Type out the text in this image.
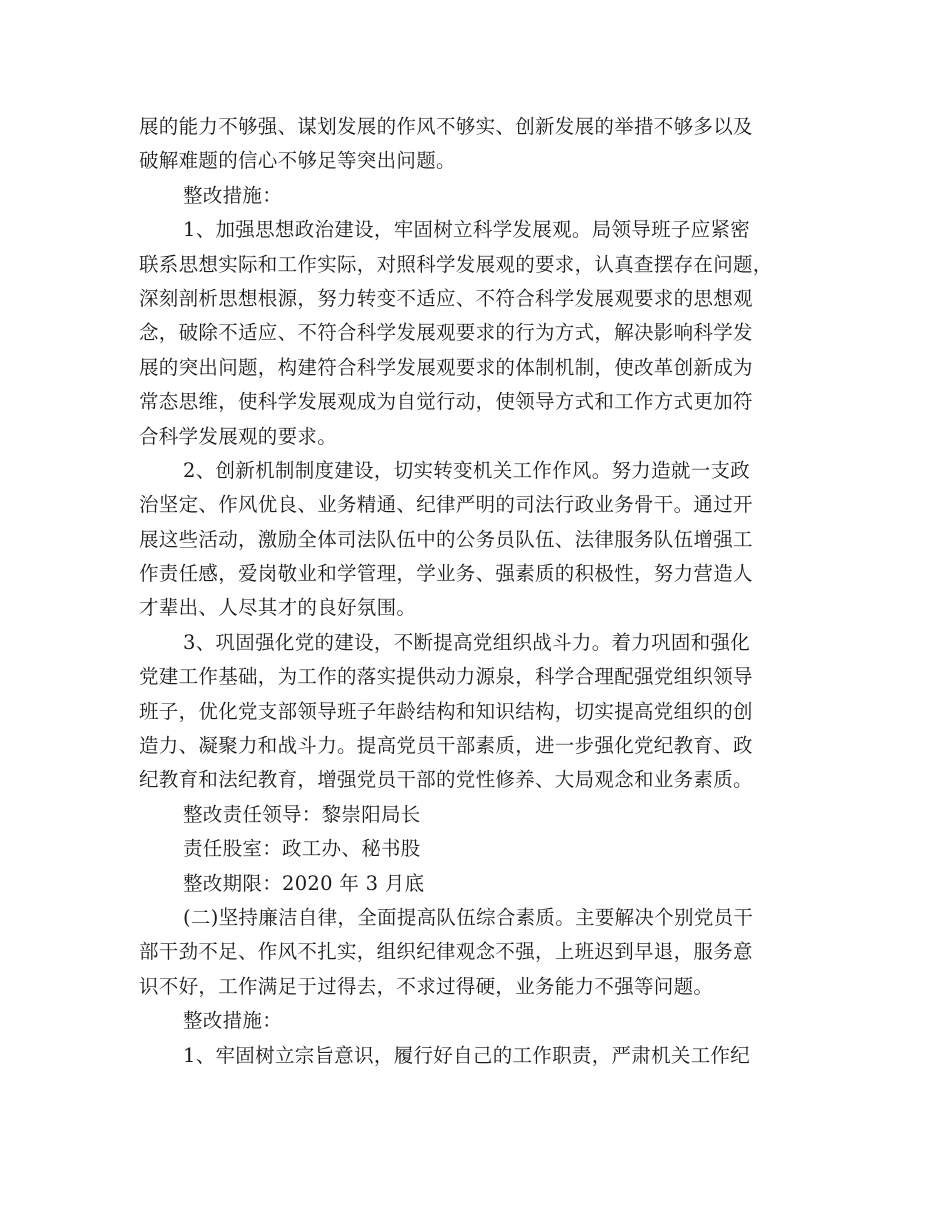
展的能力不够强、谋划发展的作风不够实、创新发展的举措不够多以及
破解难题的信心不够足等突出问题。
整改措施：
1、加强思想政治建设，牢固树立科学发展观。局领导班子应紧密
联系思想实际和工作实际，对照科学发展观的要求，认真查摆存在问题，
深刻剖析思想根源，努力转变不适应、不符合科学发展观要求的思想观
念，破除不适应、不符合科学发展观要求的行为方式，解决影响科学发
展的突出问题，构建符合科学发展观要求的体制机制，使改革创新成为
常态思维，使科学发展观成为自觉行动，使领导方式和工作方式更加符
合科学发展观的要求。
2、创新机制制度建设，切实转变机关工作作风。努力造就一支政
治坚定、作风优良、业务精通、纪律严明的司法行政业务骨干。通过开
展这些活动，激励全体司法队伍中的公务员队伍、法律服务队伍增强工
作责任感，爱岗敬业和学管理，学业务、强素质的积极性，努力营造人
才辈出、人尽其才的良好氛围。
3、巩固强化党的建设，不断提高党组织战斗力。着力巩固和强化
党建工作基础，为工作的落实提供动力源泉，科学合理配强党组织领导
班子，优化党支部领导班子年龄结构和知识结构，切实提高党组织的创
造力、凝聚力和战斗力。提高党员干部素质，进一步强化党纪教育、政
纪教育和法纪教育，增强党员干部的党性修养、大局观念和业务素质。
整改责任领导：黎崇阳局长
责任股室：政工办、秘书股
整改期限：2020 年 3 月底
(二)坚持廉洁自律，全面提高队伍综合素质。主要解决个别党员干
部干劲不足、作风不扎实，组织纪律观念不强，上班迟到早退，服务意
识不好，工作满足于过得去，不求过得硬，业务能力不强等问题。
整改措施：
1、牢固树立宗旨意识，履行好自己的工作职责，严肃机关工作纪
